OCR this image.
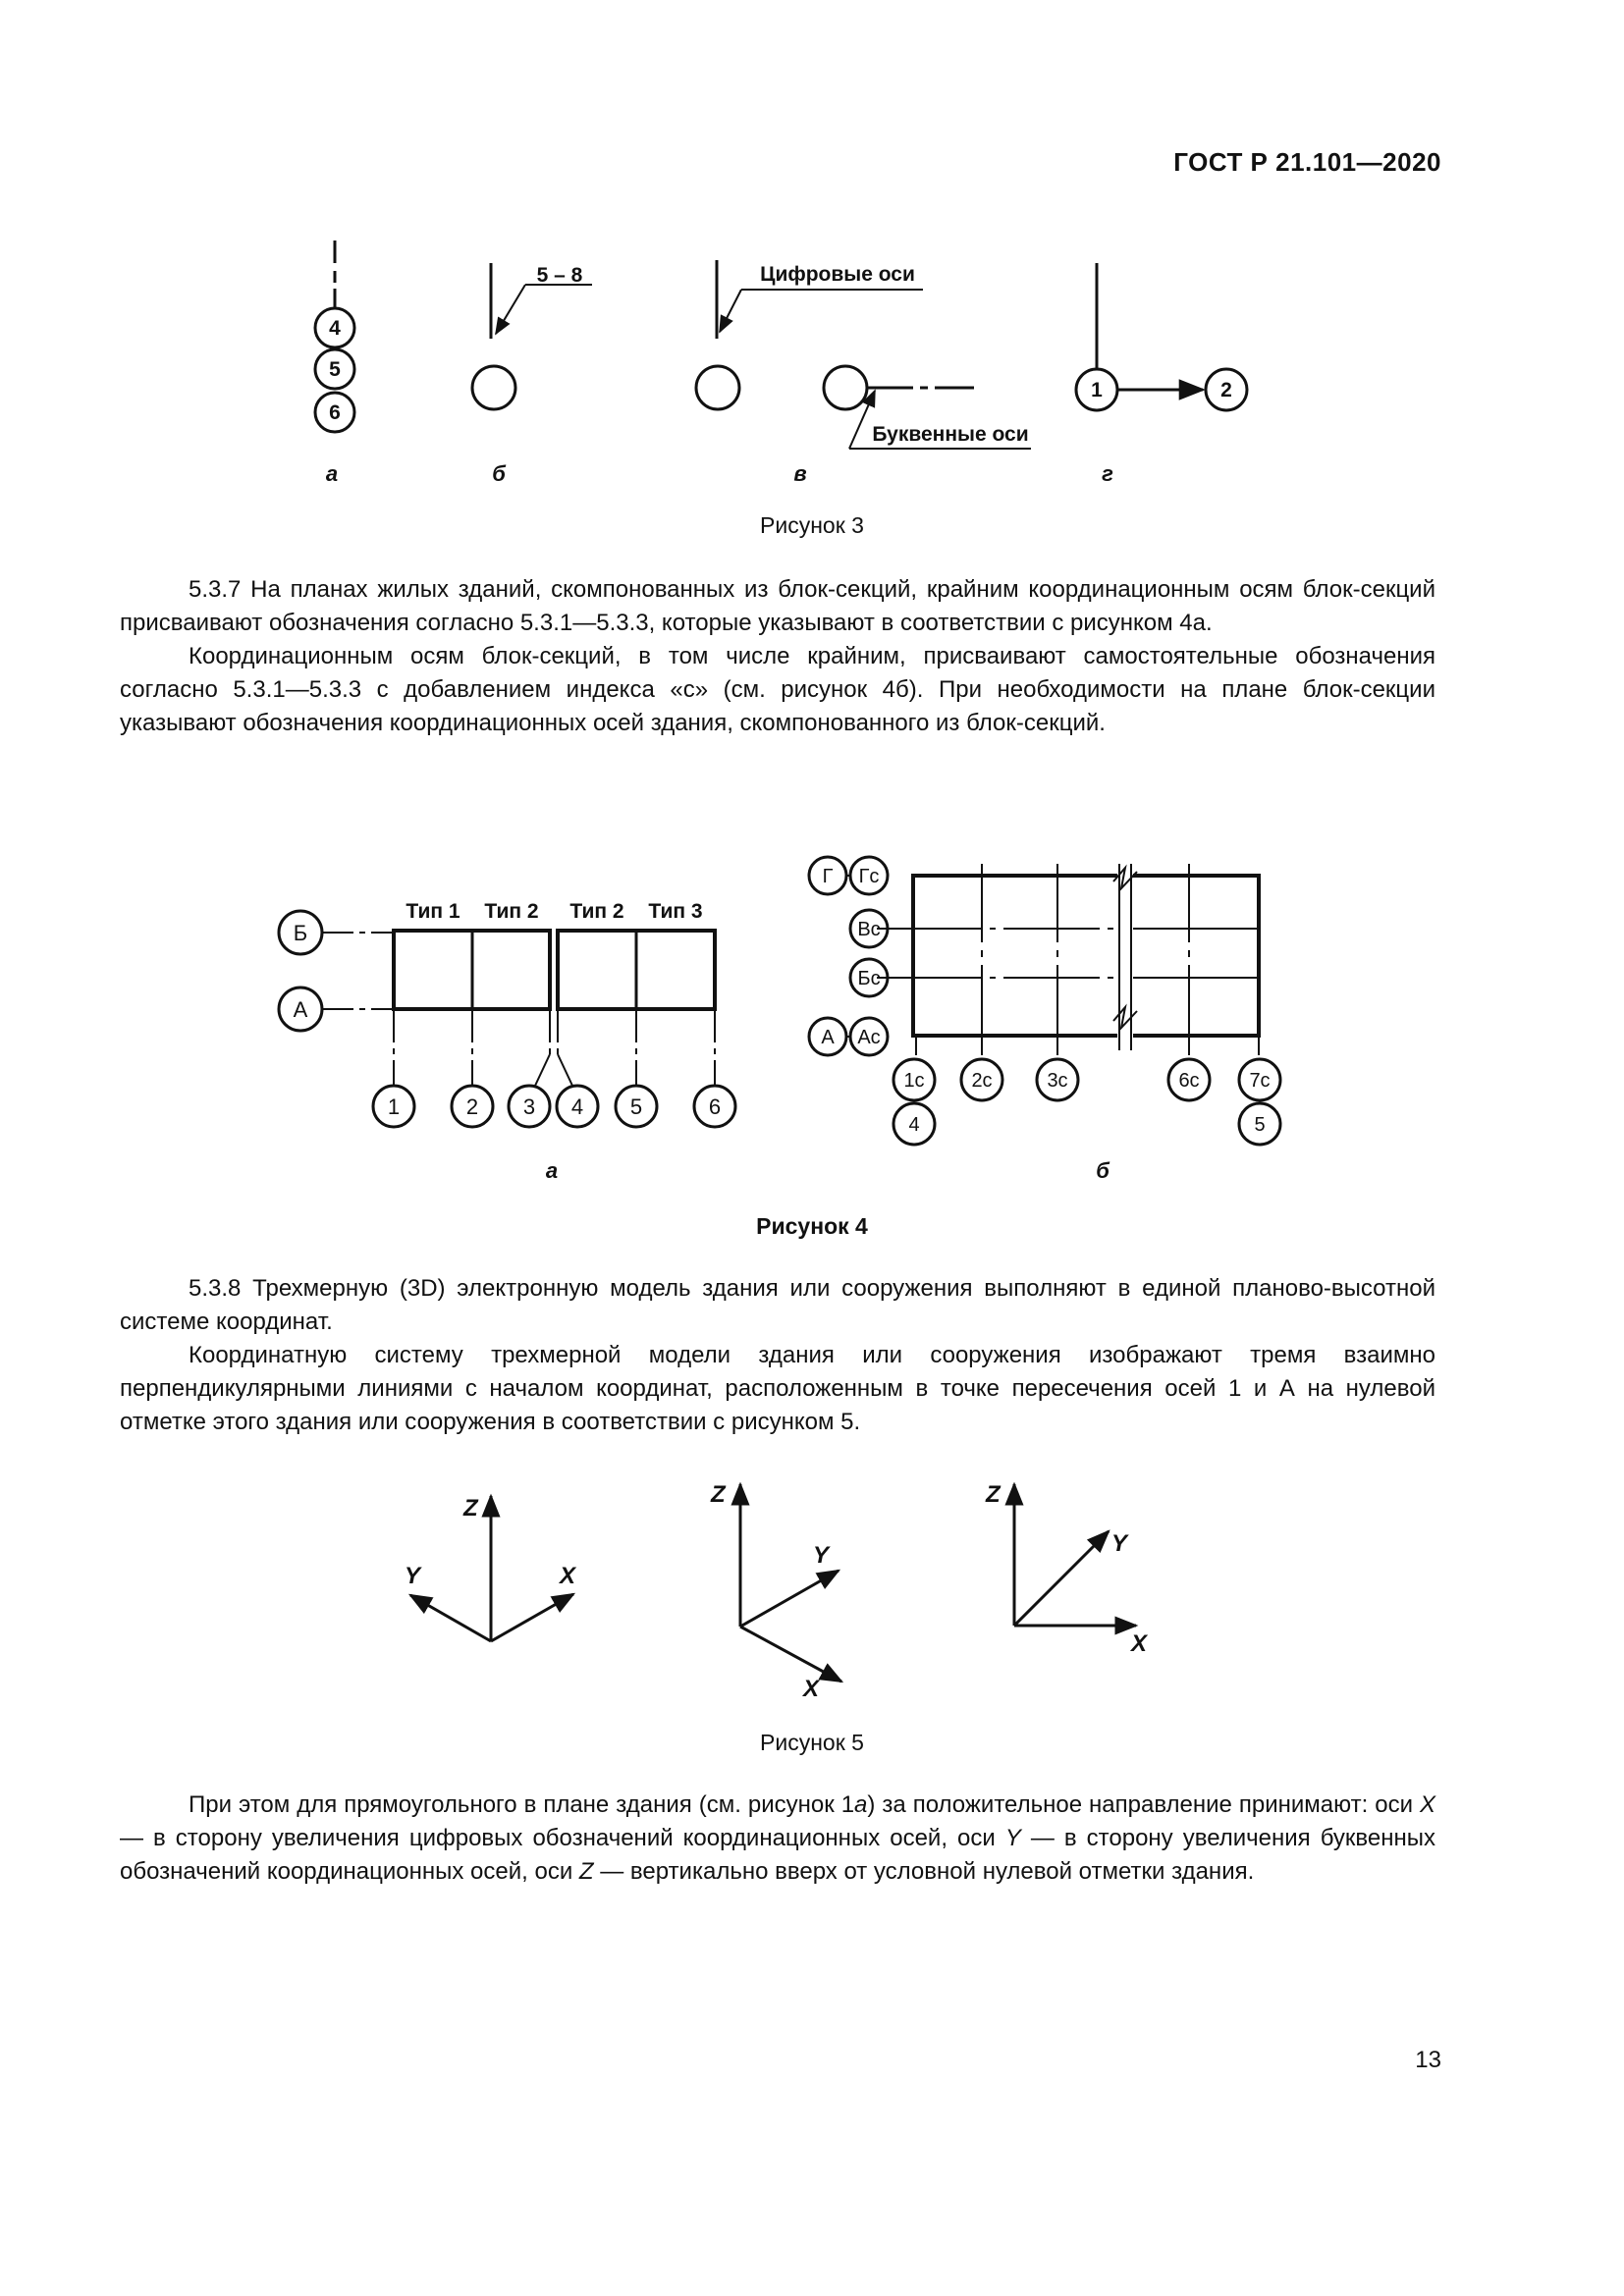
ГОСТ Р 21.101—2020
4
5
6
5 – 8	Цифровые оси
Буквенные оси
1	2
а	б	в	г
Рисунок 3

5.3.7 На планах жилых зданий, скомпонованных из блок-секций, крайним координационным осям блок-секций присваивают обозначения согласно 5.3.1—5.3.3, которые указывают в соответствии с рисунком 4а.

Координационным осям блок-секций, в том числе крайним, присваивают самостоятельные обозначения согласно 5.3.1—5.3.3 с добавлением индекса «с» (см. рисунок 4б). При необходимости на плане блок-секции указывают обозначения координационных осей здания, скомпонованного из блок-секций.

Тип 1 Тип 2 Тип 2 Тип 3
Б
А
1	2 3 4 5	6
Г Гс
Вс
Бс
А Ас
1с
4
2с	3с	6с	7с
5
а	б
Рисунок 4

5.3.8 Трехмерную (3D) электронную модель здания или сооружения выполняют в единой планово-высотной системе координат.

Координатную систему трехмерной модели здания или сооружения изображают тремя взаимно перпендикулярными линиями с началом координат, расположенным в точке пересечения осей 1 и А на нулевой отметке этого здания или сооружения в соответствии с рисунком 5.

Z
Y	X
Z
Y
X
Z
Y
X
Рисунок 5

При этом для прямоугольного в плане здания (см. рисунок 1а) за положительное направление принимают: оси X — в сторону увеличения цифровых обозначений координационных осей, оси Y — в сторону увеличения буквенных обозначений координационных осей, оси Z — вертикально вверх от условной нулевой отметки здания.

13
